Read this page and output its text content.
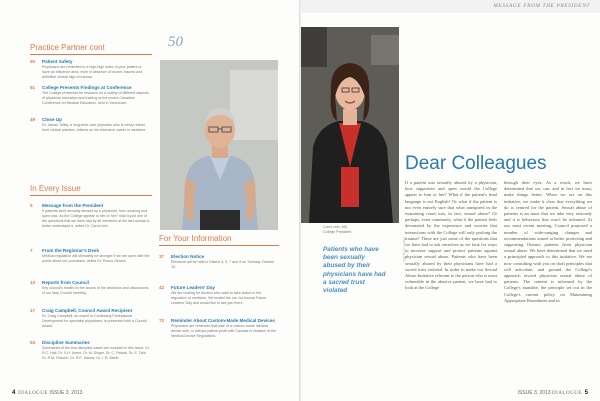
Practice Partner cont
50 Patient Safety
Physicians are reminded to a high-high index of your patient or have an influence area, even in absence of known, trauma and definitive clinical sign of trauma.
51 College Presents Findings at Conference
The College presented its research on a variety of different aspects of physician education and training at the recent Canadian Conference on Medical Education, held in Vancouver.
49 Close Up
Dr. James Talley, a long-term care physician who is newly retired from clinical practice, reflects on his extensive career in medicine.
In Every Issue
5 Message from the President
If patients were sexually abused by a physician, how uncaring and open was. As the College appear to him or her? Vital is just one of the questions that we have had by all members at the last annual to better understand it, writes Dr. Carol Leet.
7 From the Registrar's Desk
Medical regulation will ultimately be stronger if we are open with the public about our processes, writes Dr. Rocco Gerace.
13 Reports from Council
Key council's health on the issues of the decisions and discussions of our May Council meeting.
17 Craig Campbell, Council Award Recipient
Dr. Craig Campbell, an expert in Continuing Professional Development for specialist physicians, is presented with a Council Award.
53 Discipline Summaries
Summaries of the five discipline cases are included in this issue: Dr. R.C. Hall, Dr. S.H. Amed, Dr. M. Singer, Dr. C. Peslak, Dr. E. Tahl, Dr. R.M. Flanner, Dr. R.E. Hanna, Dr. L.R. Marie.
50
For Your Information
37 Election Notice
Elections will be held in District 4, 5, 7 and 9 on Tuesday October 15.
42 Future Leaders' Day
We are looking for doctors who want to take action in the regulation of medicine. We invited the our 1st Annual Future Leaders' Day and would like to see you there.
72 Reminder About Custom-Made Medical Devices
Physicians are reminded that sale of a custom-made medical device with, or without patient profit with Canada in violation of the Medical Device Regulations.
4 DIALOGUE ISSUE 3, 2013
MESSAGE FROM THE PRESIDENT
Carol Leet, MD
College President
Patients who have been sexually abused by their physicians have had a sacred trust violated
PHOTO: F. LOPEZ
Dear Colleagues

If a patient was sexually abused by a physician, how supportive and open would the College appear to him or her? What if the patient's final language is not English? Or what if the patient is not even entirely sure that what transpired in the examining room was, in fact, sexual abuse? Or perhaps, even commonly, what if the patient feels devastated by the experience and worries that interactions with the College will only prolong the trauma? These are just some of the questions that we have had to ask ourselves as we look for ways to increase support and protect patients against physician sexual abuse. Patients who have been sexually abused by their physicians have had a sacred trust violated. In order to make our Sexual Abuse Initiative relevant to the person who is most vulnerable in the abusive patient, we have had to look at the College

through their eyes. As a result, we have determined that we, can, and in fact we must, make things better. When we act on this initiative, we make it clear that everything we do is centred for the patient. Sexual abuse of patients is an issue that we take very seriously and it is behaviour that won't be tolerated. At our most recent meeting, Council proposed a number of wide-ranging changes and recommendations aimed at better protecting and supporting Ontario patients from physician sexual abuse. We have determined that we need a principled approach to this initiative. We are now consulting with you on draft principles that will articulate, and ground the College's approach toward physician sexual abuse of patients. The content is informed by the College's mandate, the principle set out in the College's current policy on Maintaining Appropriate Boundaries and in

ISSUE 3, 2013 DIALOGUE 5
